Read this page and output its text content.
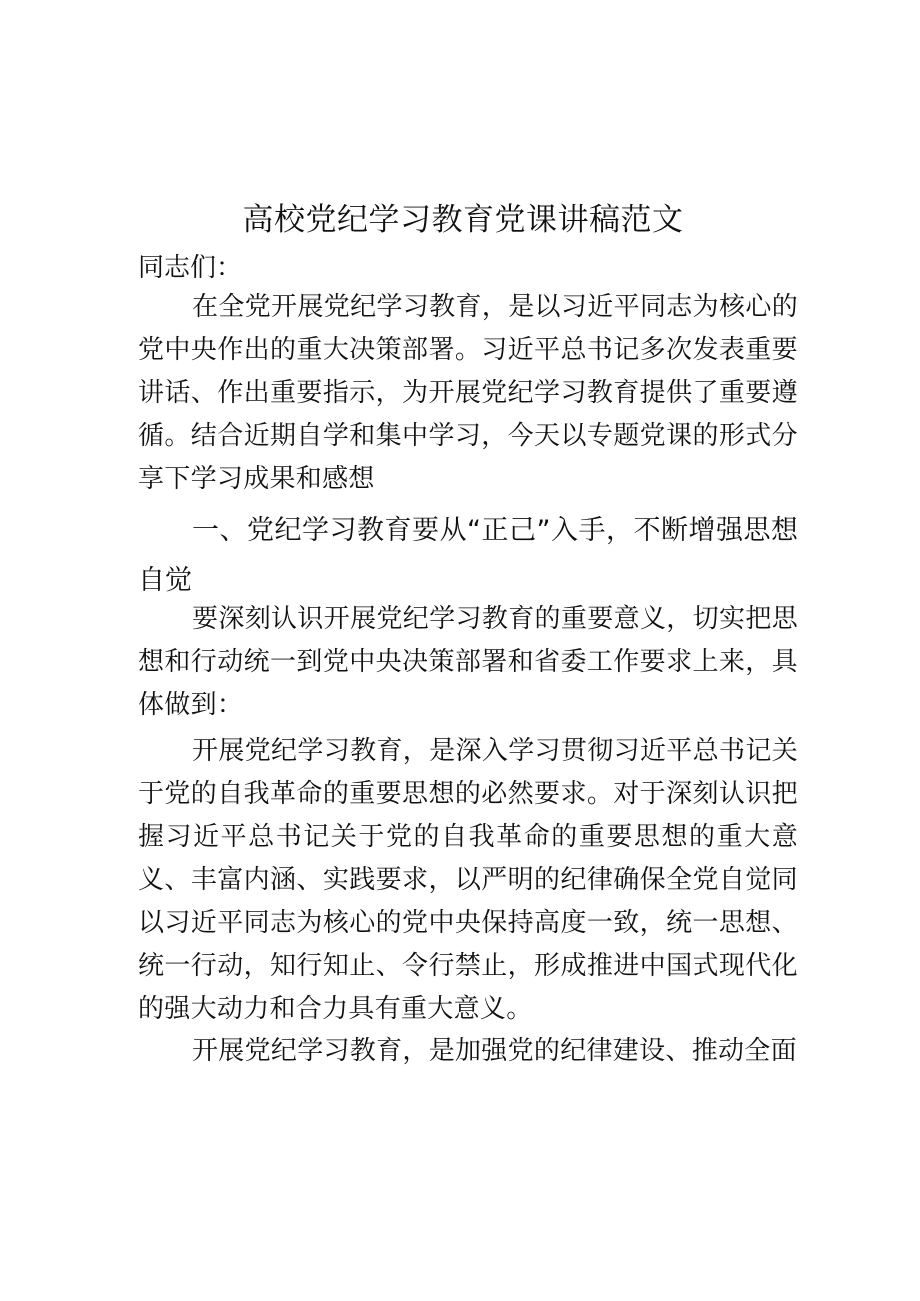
高校党纪学习教育党课讲稿范文

同志们：

在全党开展党纪学习教育，是以习近平同志为核心的党中央作出的重大决策部署。习近平总书记多次发表重要讲话、作出重要指示，为开展党纪学习教育提供了重要遵循。结合近期自学和集中学习，今天以专题党课的形式分享下学习成果和感想

一、党纪学习教育要从“正己”入手，不断增强思想自觉

要深刻认识开展党纪学习教育的重要意义，切实把思想和行动统一到党中央决策部署和省委工作要求上来，具体做到：

开展党纪学习教育，是深入学习贯彻习近平总书记关于党的自我革命的重要思想的必然要求。对于深刻认识把握习近平总书记关于党的自我革命的重要思想的重大意义、丰富内涵、实践要求，以严明的纪律确保全党自觉同以习近平同志为核心的党中央保持高度一致，统一思想、统一行动，知行知止、令行禁止，形成推进中国式现代化的强大动力和合力具有重大意义。

开展党纪学习教育，是加强党的纪律建设、推动全面
